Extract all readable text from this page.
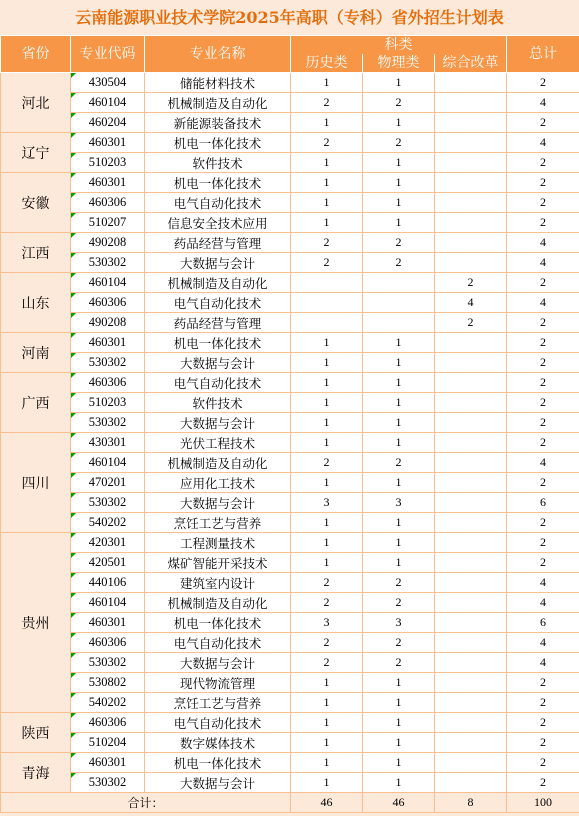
云南能源职业技术学院2025年高职（专科）省外招生计划表
省份	专业代码	专业名称	科类			总计
			历史类	物理类	综合改革	
河北	430504	储能材料技术	1	1		2

460104	机械制造及自动化	2	2		4

460204	新能源装备技术	1	1		2
辽宁	460301	机电一体化技术	2	2		4

510203	软件技术	1	1		2
安徽	460301	机电一体化技术	1	1		2

460306	电气自动化技术	1	1		2

510207	信息安全技术应用	1	1		2
江西	490208	药品经营与管理	2	2		4

530302	大数据与会计	2	2		4
山东	460104	机械制造及自动化			2	2

460306	电气自动化技术			4	4

490208	药品经营与管理			2	2
河南	460301	机电一体化技术	1	1		2

530302	大数据与会计	1	1		2
广西	460306	电气自动化技术	1	1		2

510203	软件技术	1	1		2

530302	大数据与会计	1	1		2
四川	430301	光伏工程技术	1	1		2

460104	机械制造及自动化	2	2		4

470201	应用化工技术	1	1		2

530302	大数据与会计	3	3		6

540202	烹饪工艺与营养	1	1		2
贵州	420301	工程测量技术	1	1		2

420501	煤矿智能开采技术	1	1		2

440106	建筑室内设计	2	2		4

460104	机械制造及自动化	2	2		4

460301	机电一体化技术	3	3		6

460306	电气自动化技术	2	2		4

530302	大数据与会计	2	2		4

530802	现代物流管理	1	1		2

540202	烹饪工艺与营养	1	1		2
陕西	460306	电气自动化技术	1	1		2

510204	数字媒体技术	1	1		2
青海	460301	机电一体化技术	1	1		2

530302	大数据与会计	1	1		2
合计：			46	46	8	100
